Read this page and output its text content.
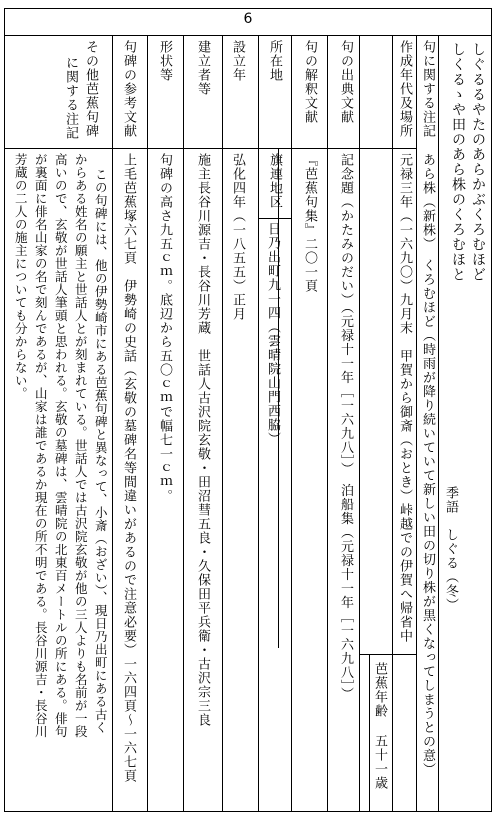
6
しぐるるやたのあらかぶくろむほど
しくるゝや田のあら株のくろむほと
句に関する注記
あら株（新株）　くろむほど（時雨が降り続いていて新しい田の切り株が黒くなってしまうとの意） 季語　しぐる（冬）
作成年代及場所
元禄三年（一六九〇）九月末　甲賀から御斎（おとき）峠越での伊賀へ帰省中
芭蕉年齢
五十一歳
句の出典文献
記念題（かたみのだい）（元禄十一年［一六九八］）　泊船集（元禄十一年［一六九八］）
句の解釈文献
『芭蕉句集』二〇一頁
所在地
旗連地区
日乃出町九一四（雲晴院山門西脇）
設立年
弘化四年（一八五五）正月
建立者等
施主長谷川源吉・長谷川芳蔵　世話人古沢院玄敬・田沼彗五良・久保田平兵衛・古沢宗三良
形状等
句碑の高さ九五ｃｍ。底辺から五〇ｃｍで幅七一ｃｍ。
句碑の参考文献
上毛芭蕉塚六七頁　伊勢崎の史話（玄敬の墓碑名等間違いがあるので注意必要）一六四頁〜一六七頁
その他芭蕉句碑
に関する注記
この句碑には、他の伊勢崎市にある芭蕉句碑と異なって、小斎（おざい）、現日乃出町にある古く
からある姓名の願主と世話人とが刻まれている。世話人では古沢院玄敬が他の三人よりも名前が一段
高いので、玄敬が世話人筆頭と思われる。玄敬の墓碑は、雲晴院の北東百メートルの所にある。俳句
が裏面に俳名山家の名で刻んであるが、山家は誰であるか現在の所不明である。長谷川源吉・長谷川
芳蔵の二人の施主についても分からない。
